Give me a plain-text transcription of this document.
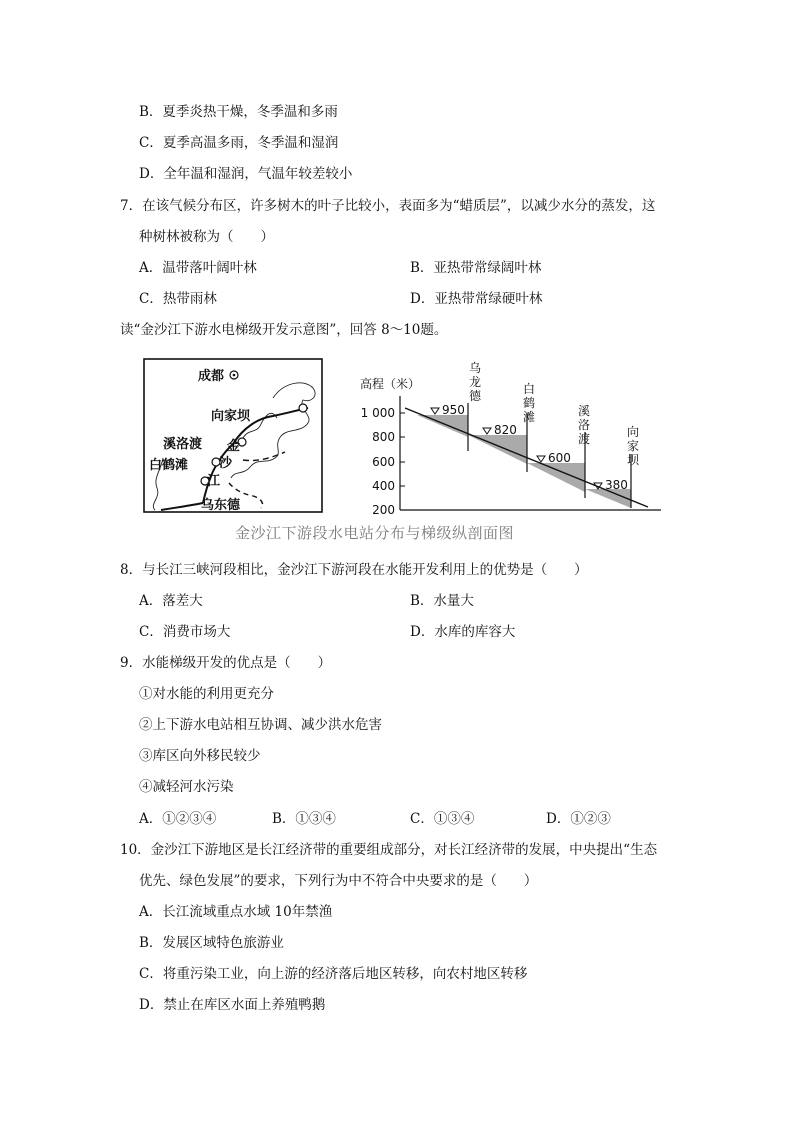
B．夏季炎热干燥，冬季温和多雨
C．夏季高温多雨，冬季温和湿润
D．全年温和湿润，气温年较差较小
7．在该气候分布区，许多树木的叶子比较小，表面多为“蜡质层”，以减少水分的蒸发，这
种树林被称为（　　）
A．温带落叶阔叶林	B．亚热带常绿阔叶林
C．热带雨林	D．亚热带常绿硬叶林
读“金沙江下游水电梯级开发示意图”，回答 8～10题。
成都
向家坝
溪洛渡
白鹤滩
乌东德
金
沙
江
高程（米）
1 000
800
600
400
200
950
820
600
380
乌
龙
德	白
鹤
滩	溪
洛
渡	向
家
坝
金沙江下游段水电站分布与梯级纵剖面图
8．与长江三峡河段相比，金沙江下游河段在水能开发利用上的优势是（　　）
A．落差大	B．水量大
C．消费市场大	D．水库的库容大
9．水能梯级开发的优点是（　　）
①对水能的利用更充分
②上下游水电站相互协调、减少洪水危害
③库区向外移民较少
④减轻河水污染
A．①②③④	B．①③④	C．①③④	D．①②③
10．金沙江下游地区是长江经济带的重要组成部分，对长江经济带的发展，中央提出“生态
优先、绿色发展”的要求，下列行为中不符合中央要求的是（　　）
A．长江流域重点水域 10年禁渔
B．发展区域特色旅游业
C．将重污染工业，向上游的经济落后地区转移，向农村地区转移
D．禁止在库区水面上养殖鸭鹅
